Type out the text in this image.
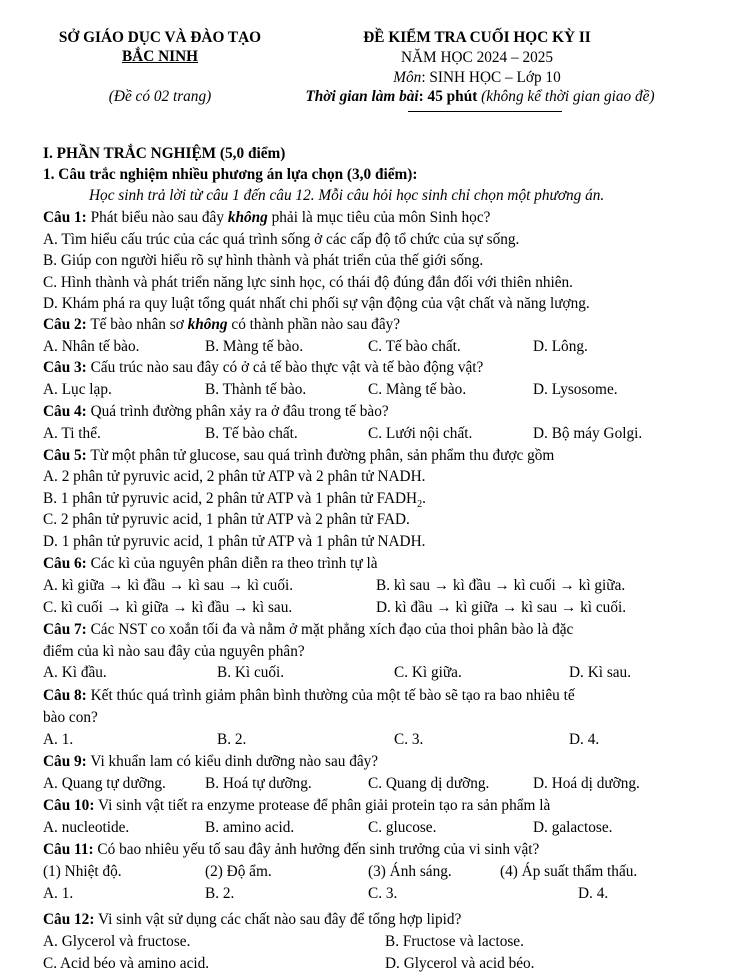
SỞ GIÁO DỤC VÀ ĐÀO TẠO
BẮC NINH
(Đề có 02 trang)
ĐỀ KIỂM TRA CUỐI HỌC KỲ II
NĂM HỌC 2024 – 2025
Môn: SINH HỌC – Lớp 10
Thời gian làm bài: 45 phút (không kể thời gian giao đề)
I. PHẦN TRẮC NGHIỆM (5,0 điểm)
1. Câu trắc nghiệm nhiều phương án lựa chọn (3,0 điểm):
Học sinh trả lời từ câu 1 đến câu 12. Mỗi câu hỏi học sinh chỉ chọn một phương án.
Câu 1: Phát biểu nào sau đây không phải là mục tiêu của môn Sinh học?
A. Tìm hiểu cấu trúc của các quá trình sống ở các cấp độ tổ chức của sự sống.
B. Giúp con người hiểu rõ sự hình thành và phát triển của thế giới sống.
C. Hình thành và phát triển năng lực sinh học, có thái độ đúng đắn đối với thiên nhiên.
D. Khám phá ra quy luật tổng quát nhất chi phối sự vận động của vật chất và năng lượng.
Câu 2: Tế bào nhân sơ không có thành phần nào sau đây?
A. Nhân tế bào.	B. Màng tế bào.	C. Tế bào chất.	D. Lông.
Câu 3: Cấu trúc nào sau đây có ở cả tế bào thực vật và tế bào động vật?
A. Lục lạp.	B. Thành tế bào.	C. Màng tế bào.	D. Lysosome.
Câu 4: Quá trình đường phân xảy ra ở đâu trong tế bào?
A. Ti thể.	B. Tế bào chất.	C. Lưới nội chất.	D. Bộ máy Golgi.
Câu 5: Từ một phân tử glucose, sau quá trình đường phân, sản phẩm thu được gồm
A. 2 phân tử pyruvic acid, 2 phân tử ATP và 2 phân tử NADH.
B. 1 phân tử pyruvic acid, 2 phân tử ATP và 1 phân tử $FADH_2$.
C. 2 phân tử pyruvic acid, 1 phân tử ATP và 2 phân tử FAD.
D. 1 phân tử pyruvic acid, 1 phân tử ATP và 1 phân tử NADH.
Câu 6: Các kì của nguyên phân diễn ra theo trình tự là
A. kì giữa → kì đầu → kì sau → kì cuối.	B. kì sau → kì đầu → kì cuối → kì giữa.
C. kì cuối → kì giữa → kì đầu → kì sau.	D. kì đầu → kì giữa → kì sau → kì cuối.
Câu 7: Các NST co xoắn tối đa và nằm ở mặt phẳng xích đạo của thoi phân bào là đặc
điểm của kì nào sau đây của nguyên phân?
A. Kì đầu.	B. Kì cuối.	C. Kì giữa.	D. Kì sau.
Câu 8: Kết thúc quá trình giảm phân bình thường của một tế bào sẽ tạo ra bao nhiêu tế
bào con?
A. 1.	B. 2.	C. 3.	D. 4.
Câu 9: Vi khuẩn lam có kiểu dinh dưỡng nào sau đây?
A. Quang tự dưỡng.	B. Hoá tự dưỡng.	C. Quang dị dưỡng.	D. Hoá dị dưỡng.
Câu 10: Vi sinh vật tiết ra enzyme protease để phân giải protein tạo ra sản phẩm là
A. nucleotide.	B. amino acid.	C. glucose.	D. galactose.
Câu 11: Có bao nhiêu yếu tố sau đây ảnh hưởng đến sinh trưởng của vi sinh vật?
(1) Nhiệt độ.	(2) Độ ẩm.	(3) Ánh sáng.	(4) Áp suất thẩm thấu.
A. 1.	B. 2.	C. 3.	D. 4.
Câu 12: Vi sinh vật sử dụng các chất nào sau đây để tổng hợp lipid?
A. Glycerol và fructose.	B. Fructose và lactose.
C. Acid béo và amino acid.	D. Glycerol và acid béo.
